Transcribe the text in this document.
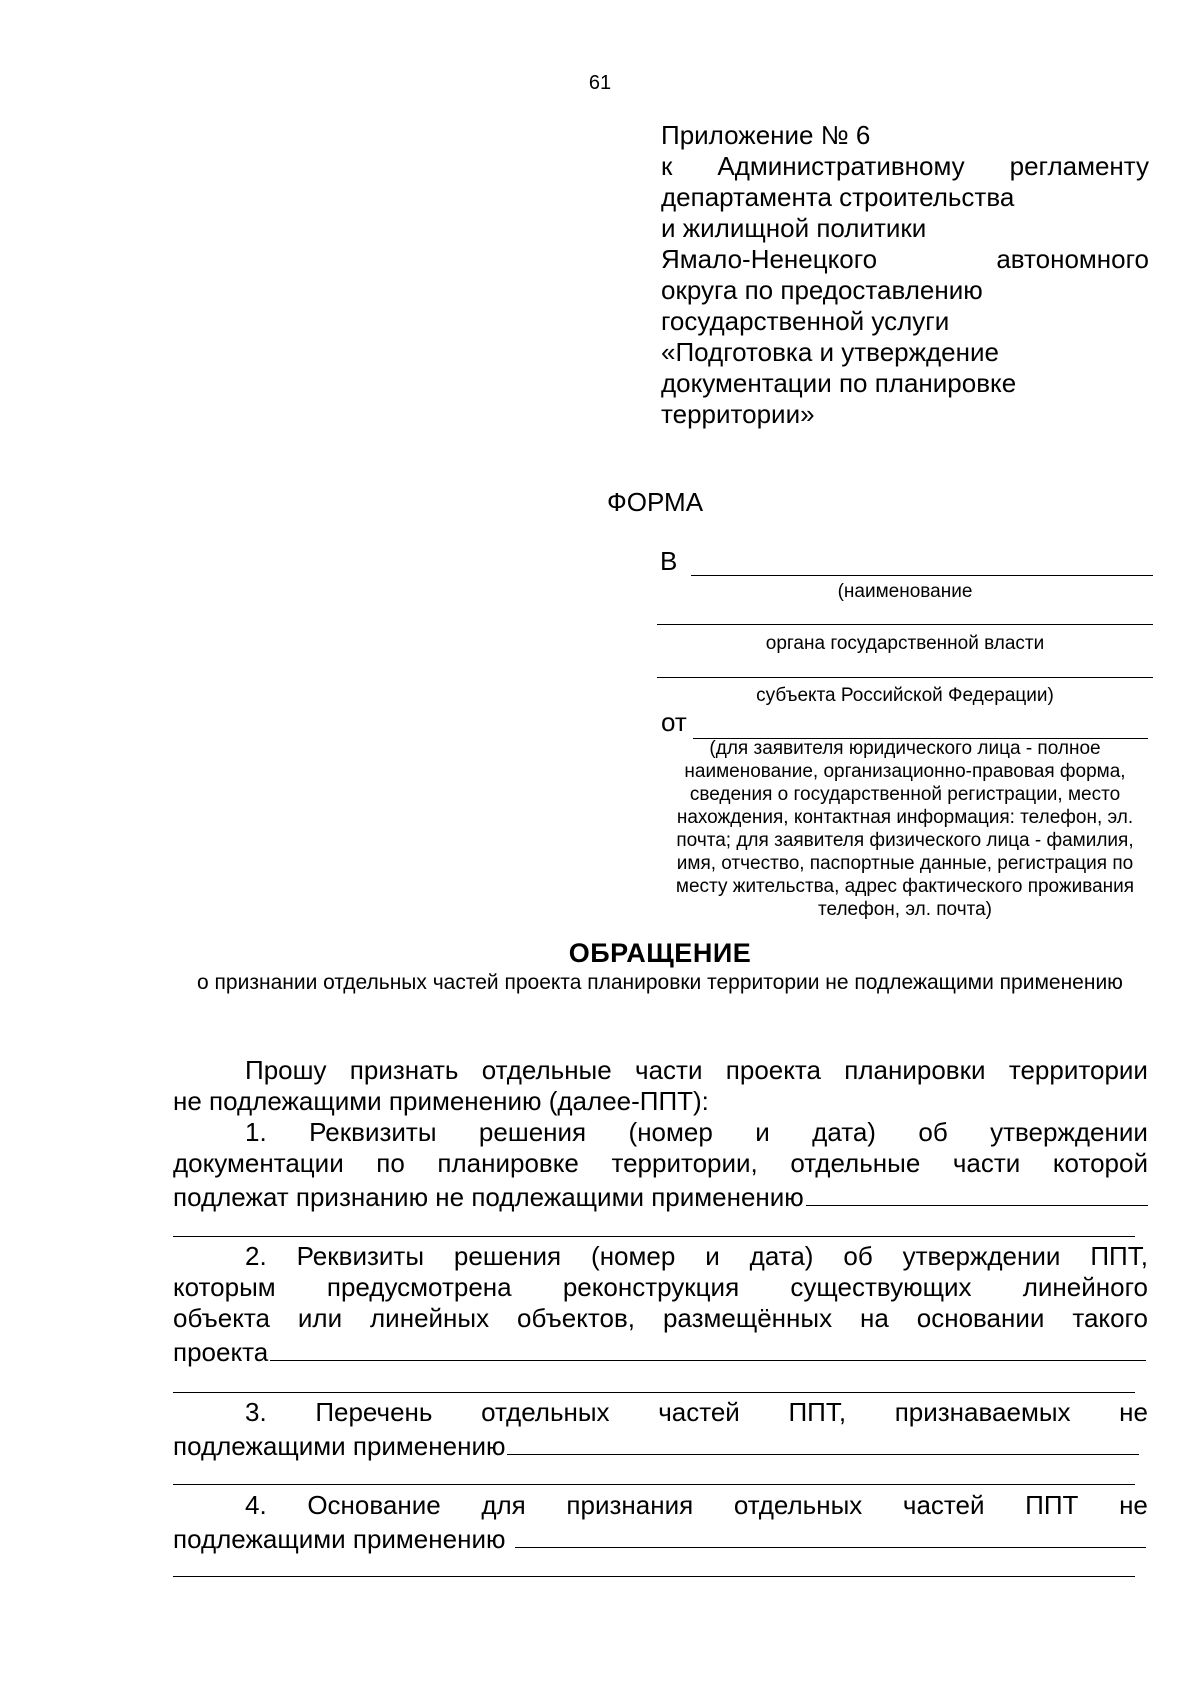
61
Приложение № 6
к Административному регламенту
департамента строительства
и жилищной политики
Ямало-Ненецкого	автономного
округа по предоставлению
государственной услуги
«Подготовка и утверждение
документации по планировке
территории»
ФОРМА
В
(наименование
органа государственной власти
субъекта Российской Федерации)
от
(для заявителя юридического лица - полное наименование, организационно-правовая форма, сведения о государственной регистрации, место нахождения, контактная информация: телефон, эл. почта; для заявителя физического лица - фамилия, имя, отчество, паспортные данные, регистрация по месту жительства, адрес фактического проживания телефон, эл. почта)
ОБРАЩЕНИЕ
о признании отдельных частей проекта планировки территории не подлежащими применению
Прошу признать отдельные части проекта планировки территории
не подлежащими применению (далее-ППТ):
1. Реквизиты решения (номер и дата) об утверждении
документации по планировке территории, отдельные части которой
подлежат признанию не подлежащими применению
2. Реквизиты решения (номер и дата) об утверждении ППТ,
которым предусмотрена реконструкция существующих линейного
объекта или линейных объектов, размещённых на основании такого
проекта
3. Перечень отдельных частей ППТ, признаваемых не
подлежащими применению
4. Основание для признания отдельных частей ППТ не
подлежащими применению
